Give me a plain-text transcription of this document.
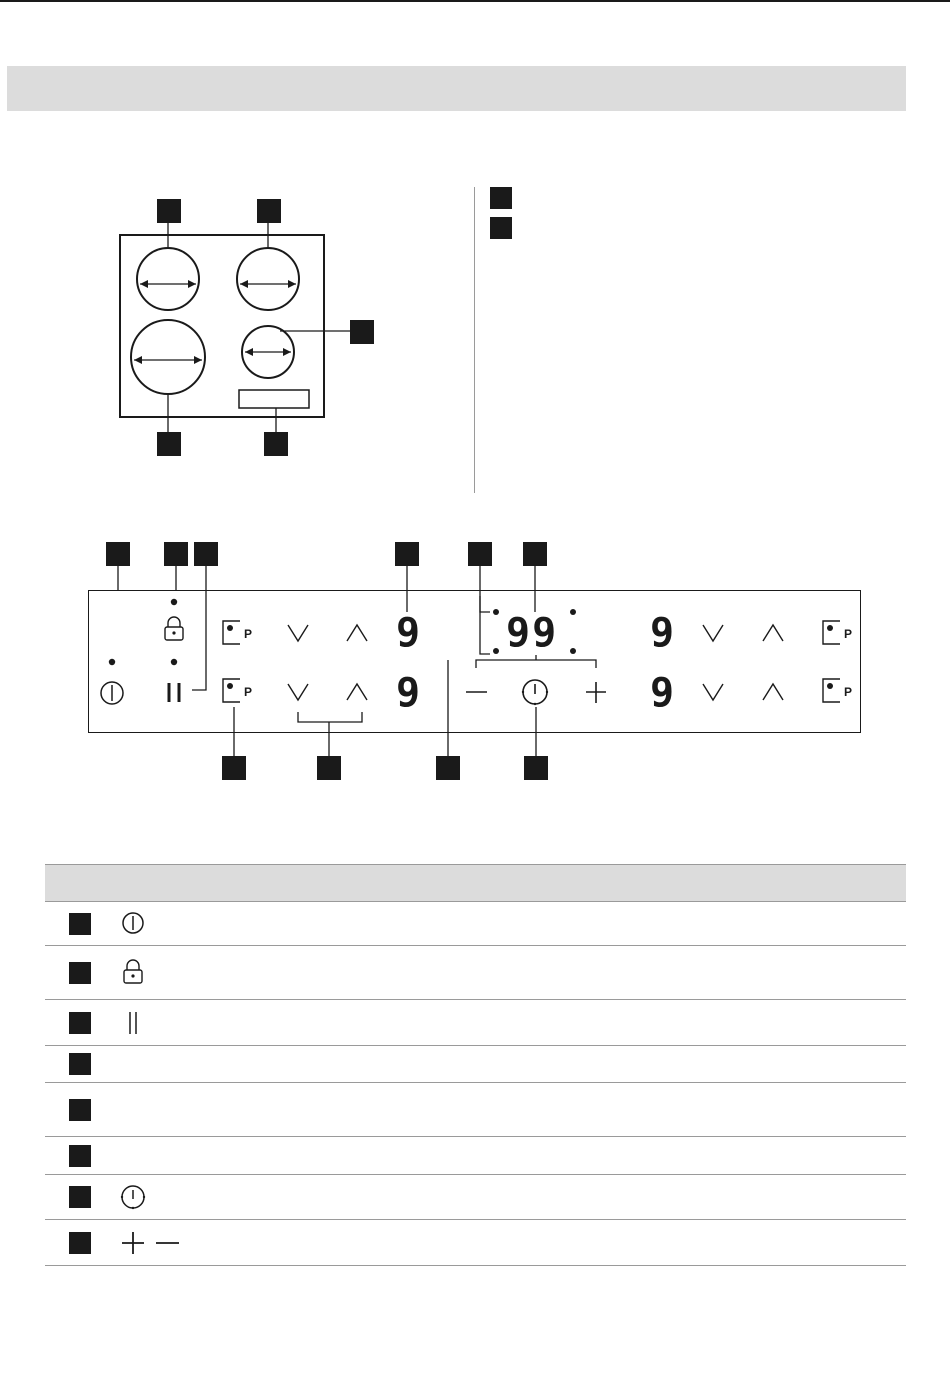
P
P
P
P
9
9
99 9
9
